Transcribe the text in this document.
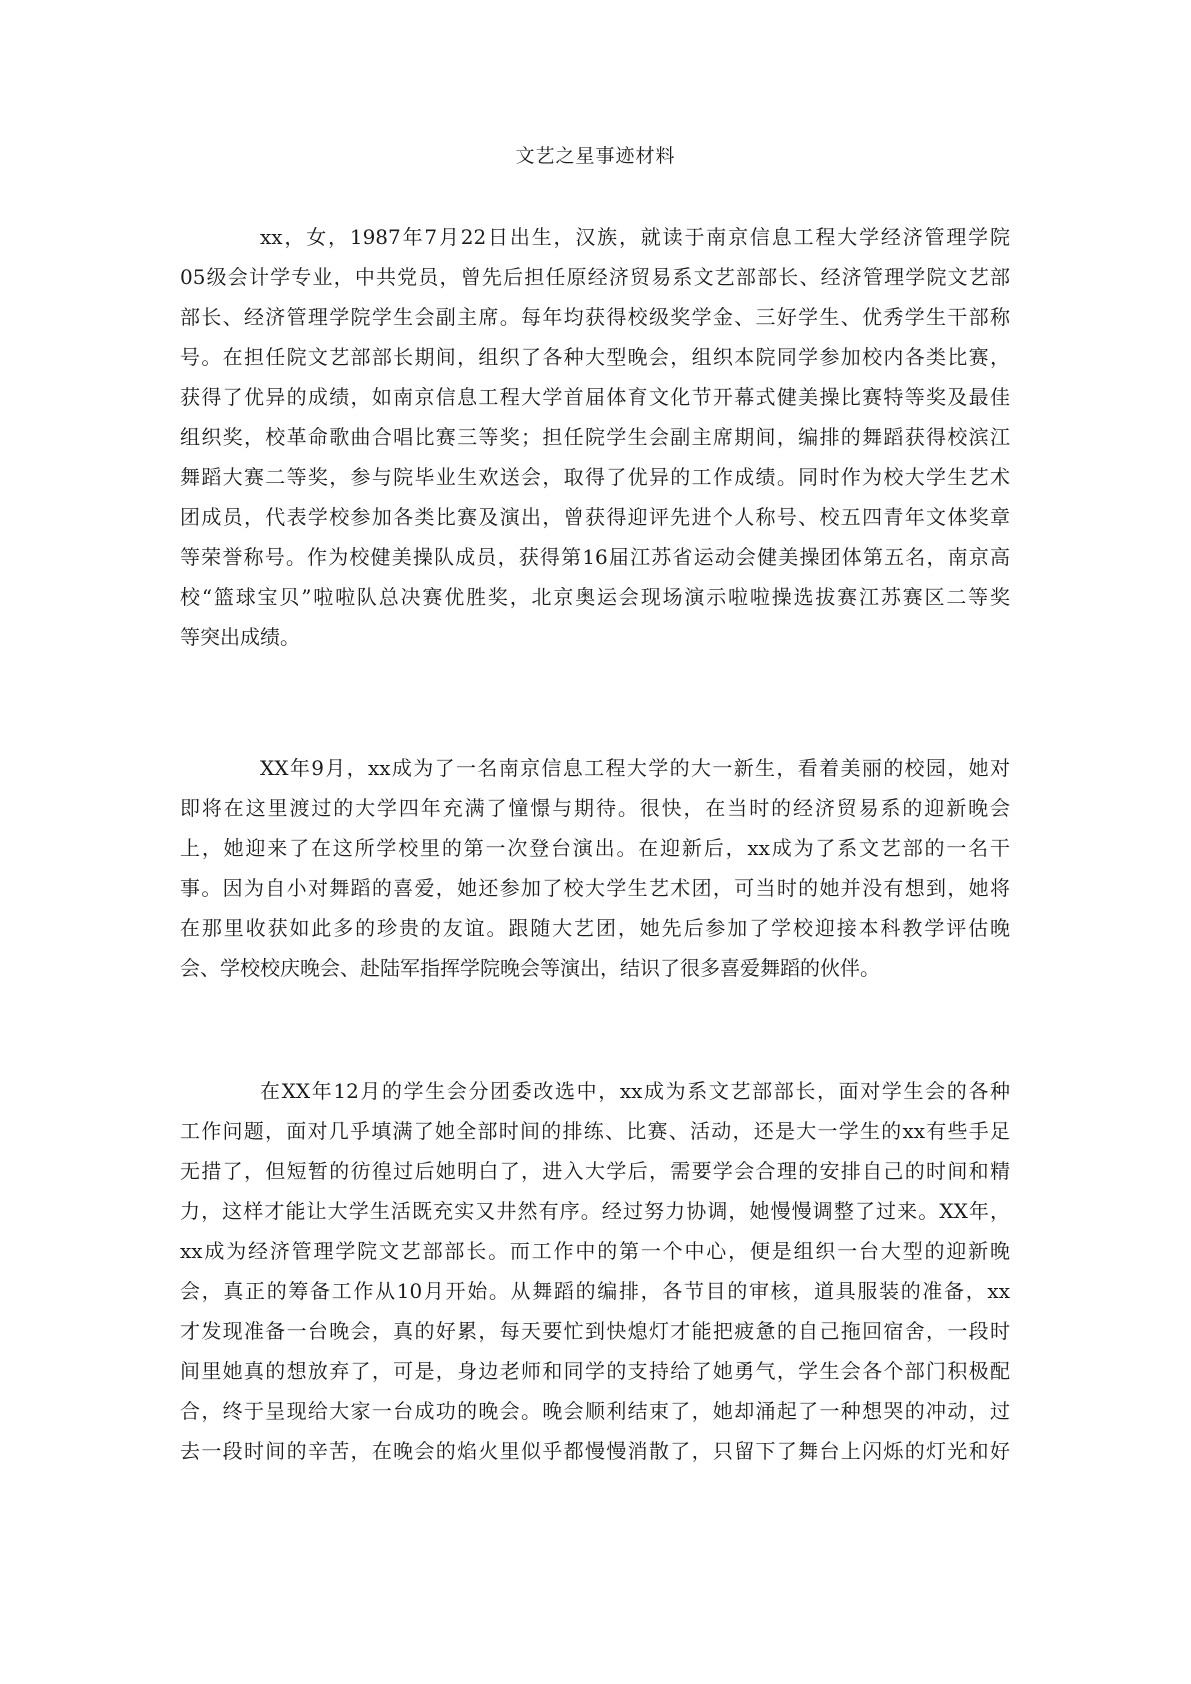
文艺之星事迹材料
xx，女，1987年7月22日出生，汉族，就读于南京信息工程大学经济管理学院
05级会计学专业，中共党员，曾先后担任原经济贸易系文艺部部长、经济管理学院文艺部
部长、经济管理学院学生会副主席。每年均获得校级奖学金、三好学生、优秀学生干部称
号。在担任院文艺部部长期间，组织了各种大型晚会，组织本院同学参加校内各类比赛，
获得了优异的成绩，如南京信息工程大学首届体育文化节开幕式健美操比赛特等奖及最佳
组织奖，校革命歌曲合唱比赛三等奖；担任院学生会副主席期间，编排的舞蹈获得校滨江
舞蹈大赛二等奖，参与院毕业生欢送会，取得了优异的工作成绩。同时作为校大学生艺术
团成员，代表学校参加各类比赛及演出，曾获得迎评先进个人称号、校五四青年文体奖章
等荣誉称号。作为校健美操队成员，获得第16届江苏省运动会健美操团体第五名，南京高
校“篮球宝贝”啦啦队总决赛优胜奖，北京奥运会现场演示啦啦操选拔赛江苏赛区二等奖
等突出成绩。
XX年9月，xx成为了一名南京信息工程大学的大一新生，看着美丽的校园，她对
即将在这里渡过的大学四年充满了憧憬与期待。很快，在当时的经济贸易系的迎新晚会
上，她迎来了在这所学校里的第一次登台演出。在迎新后，xx成为了系文艺部的一名干
事。因为自小对舞蹈的喜爱，她还参加了校大学生艺术团，可当时的她并没有想到，她将
在那里收获如此多的珍贵的友谊。跟随大艺团，她先后参加了学校迎接本科教学评估晚
会、学校校庆晚会、赴陆军指挥学院晚会等演出，结识了很多喜爱舞蹈的伙伴。
在XX年12月的学生会分团委改选中，xx成为系文艺部部长，面对学生会的各种
工作问题，面对几乎填满了她全部时间的排练、比赛、活动，还是大一学生的xx有些手足
无措了，但短暂的彷徨过后她明白了，进入大学后，需要学会合理的安排自己的时间和精
力，这样才能让大学生活既充实又井然有序。经过努力协调，她慢慢调整了过来。XX年，
xx成为经济管理学院文艺部部长。而工作中的第一个中心，便是组织一台大型的迎新晚
会，真正的筹备工作从10月开始。从舞蹈的编排，各节目的审核，道具服装的准备，xx
才发现准备一台晚会，真的好累，每天要忙到快熄灯才能把疲惫的自己拖回宿舍，一段时
间里她真的想放弃了，可是，身边老师和同学的支持给了她勇气，学生会各个部门积极配
合，终于呈现给大家一台成功的晚会。晚会顺利结束了，她却涌起了一种想哭的冲动，过
去一段时间的辛苦，在晚会的焰火里似乎都慢慢消散了，只留下了舞台上闪烁的灯光和好
